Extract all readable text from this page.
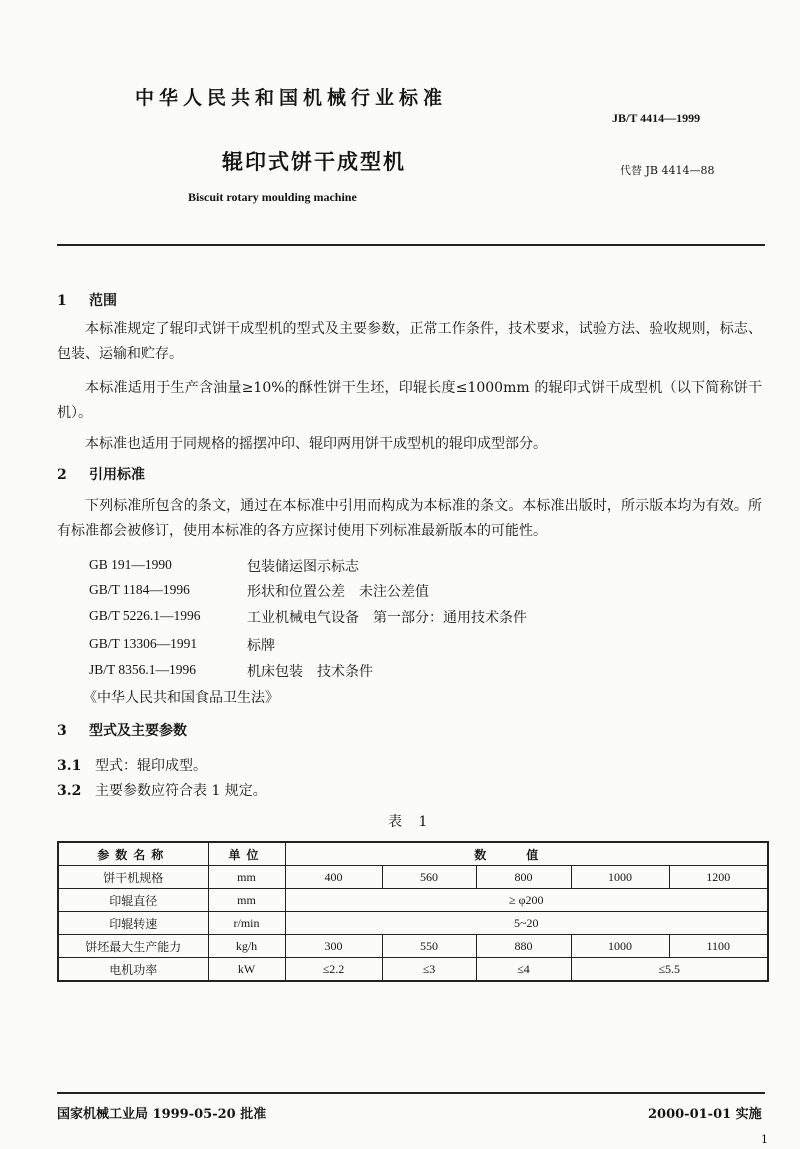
中华人民共和国机械行业标准
JB/T 4414—1999
辊印式饼干成型机	代替 JB 4414—88
Biscuit rotary moulding machine
1 范围
本标准规定了辊印式饼干成型机的型式及主要参数，正常工作条件，技术要求，试验方法、验收规则，标志、包装、运输和贮存。
本标准适用于生产含油量≥10%的酥性饼干生坯，印辊长度≤1000mm 的辊印式饼干成型机（以下简称饼干机）。
本标准也适用于同规格的摇摆冲印、辊印两用饼干成型机的辊印成型部分。
2 引用标准
下列标准所包含的条文，通过在本标准中引用而构成为本标准的条文。本标准出版时，所示版本均为有效。所有标准都会被修订，使用本标准的各方应探讨使用下列标准最新版本的可能性。
GB 191—1990	包装储运图示标志
GB/T 1184—1996	形状和位置公差　未注公差值
GB/T 5226.1—1996	工业机械电气设备　第一部分：通用技术条件
GB/T 13306—1991	标牌
JB/T 8356.1—1996	机床包装　技术条件
《中华人民共和国食品卫生法》
3 型式及主要参数
3.1 型式：辊印成型。
3.2 主要参数应符合表 1 规定。
表 1
参数名称	单位	数值				
饼干机规格	mm	400	560	800	1000	1200
印辊直径	mm	≥ φ200				
印辊转速	r/min	5~20				
饼坯最大生产能力	kg/h	300	550	880	1000	1100
电机功率	kW	≤2.2	≤3	≤4	≤5.5	
国家机械工业局 1999-05-20 批准	2000-01-01 实施
1
